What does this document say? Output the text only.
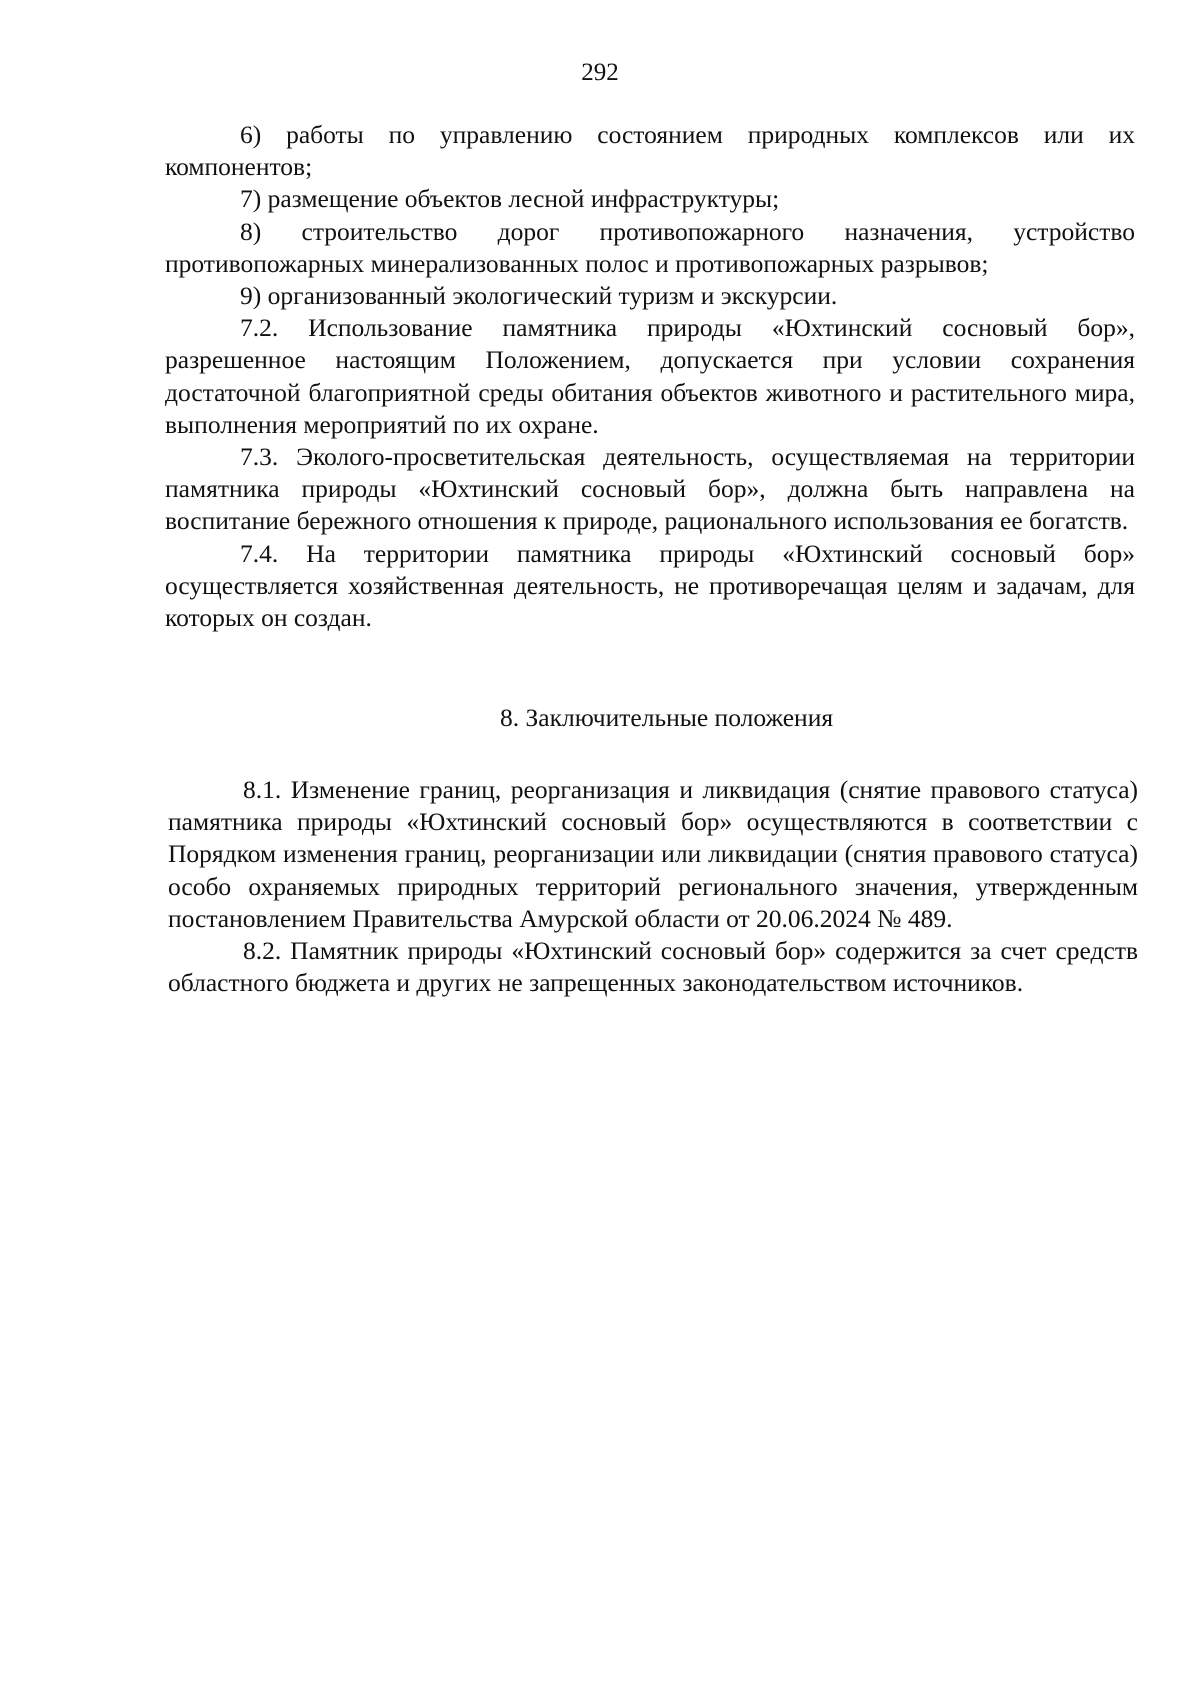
292

6) работы по управлению состоянием природных комплексов или их компонентов;

7) размещение объектов лесной инфраструктуры;

8) строительство дорог противопожарного назначения, устройство противопожарных минерализованных полос и противопожарных разрывов;

9) организованный экологический туризм и экскурсии.

7.2. Использование памятника природы «Юхтинский сосновый бор», разрешенное настоящим Положением, допускается при условии сохранения достаточной благоприятной среды обитания объектов животного и растительного мира, выполнения мероприятий по их охране.

7.3. Эколого-просветительская деятельность, осуществляемая на территории памятника природы «Юхтинский сосновый бор», должна быть направлена на воспитание бережного отношения к природе, рационального использования ее богатств.

7.4. На территории памятника природы «Юхтинский сосновый бор» осуществляется хозяйственная деятельность, не противоречащая целям и задачам, для которых он создан.

8. Заключительные положения

8.1. Изменение границ, реорганизация и ликвидация (снятие правового статуса) памятника природы «Юхтинский сосновый бор» осуществляются в соответствии с Порядком изменения границ, реорганизации или ликвидации (снятия правового статуса) особо охраняемых природных территорий регионального значения, утвержденным постановлением Правительства Амурской области от 20.06.2024 № 489.

8.2. Памятник природы «Юхтинский сосновый бор» содержится за счет средств областного бюджета и других не запрещенных законодательством источников.
